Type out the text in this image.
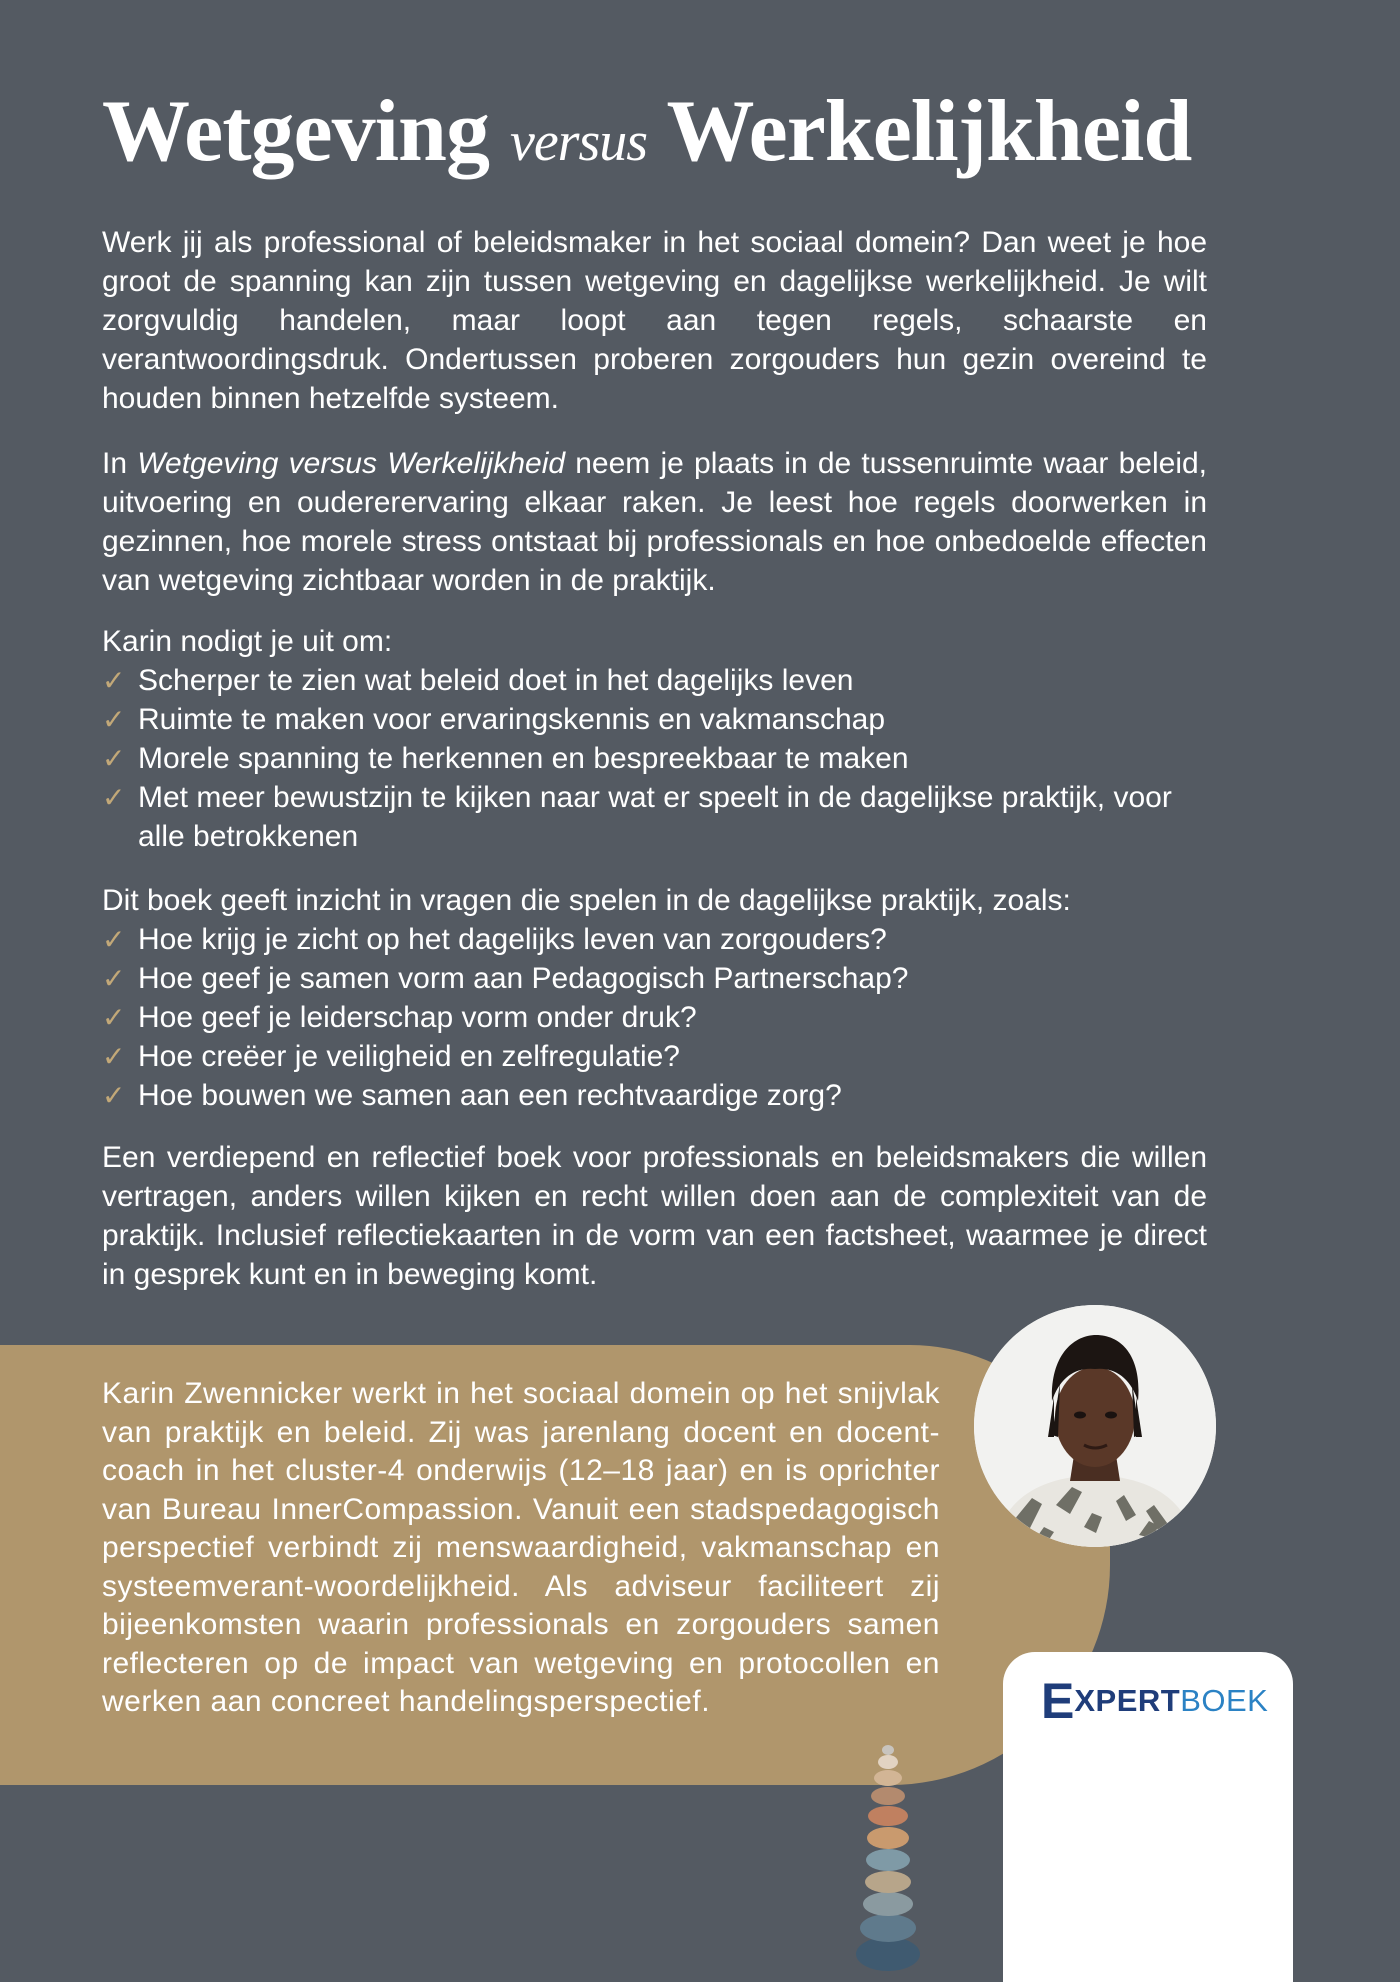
Wetgeving versus Werkelijkheid

Werk jij als professional of beleidsmaker in het sociaal domein? Dan weet je hoe groot de spanning kan zijn tussen wetgeving en dagelijkse werkelijkheid. Je wilt zorgvuldig handelen, maar loopt aan tegen regels, schaarste en verantwoordingsdruk. Ondertussen proberen zorgouders hun gezin overeind te houden binnen hetzelfde systeem.

In Wetgeving versus Werkelijkheid neem je plaats in de tussenruimte waar beleid, uitvoering en oudererervaring elkaar raken. Je leest hoe regels doorwerken in gezinnen, hoe morele stress ontstaat bij professionals en hoe onbedoelde effecten van wetgeving zichtbaar worden in de praktijk.

Karin nodigt je uit om:

✓ Scherper te zien wat beleid doet in het dagelijks leven
✓ Ruimte te maken voor ervaringskennis en vakmanschap
✓ Morele spanning te herkennen en bespreekbaar te maken
✓ Met meer bewustzijn te kijken naar wat er speelt in de dagelijkse praktijk, voor alle betrokkenen

Dit boek geeft inzicht in vragen die spelen in de dagelijkse praktijk, zoals:

✓ Hoe krijg je zicht op het dagelijks leven van zorgouders?
✓ Hoe geef je samen vorm aan Pedagogisch Partnerschap?
✓ Hoe geef je leiderschap vorm onder druk?
✓ Hoe creëer je veiligheid en zelfregulatie?
✓ Hoe bouwen we samen aan een rechtvaardige zorg?

Een verdiepend en reflectief boek voor professionals en beleidsmakers die willen vertragen, anders willen kijken en recht willen doen aan de complexiteit van de praktijk. Inclusief reflectiekaarten in de vorm van een factsheet, waarmee je direct in gesprek kunt en in beweging komt.

Karin Zwennicker werkt in het sociaal domein op het snijvlak van praktijk en beleid. Zij was jarenlang docent en docent-coach in het cluster-4 onderwijs (12–18 jaar) en is oprichter van Bureau InnerCompassion. Vanuit een stadspedagogisch perspectief verbindt zij menswaardigheid, vakmanschap en systeemverant-woordelijkheid. Als adviseur faciliteert zij bijeenkomsten waarin professionals en zorgouders samen reflecteren op de impact van wetgeving en protocollen en werken aan concreet handelingsperspectief.	E XPERT BOEK
